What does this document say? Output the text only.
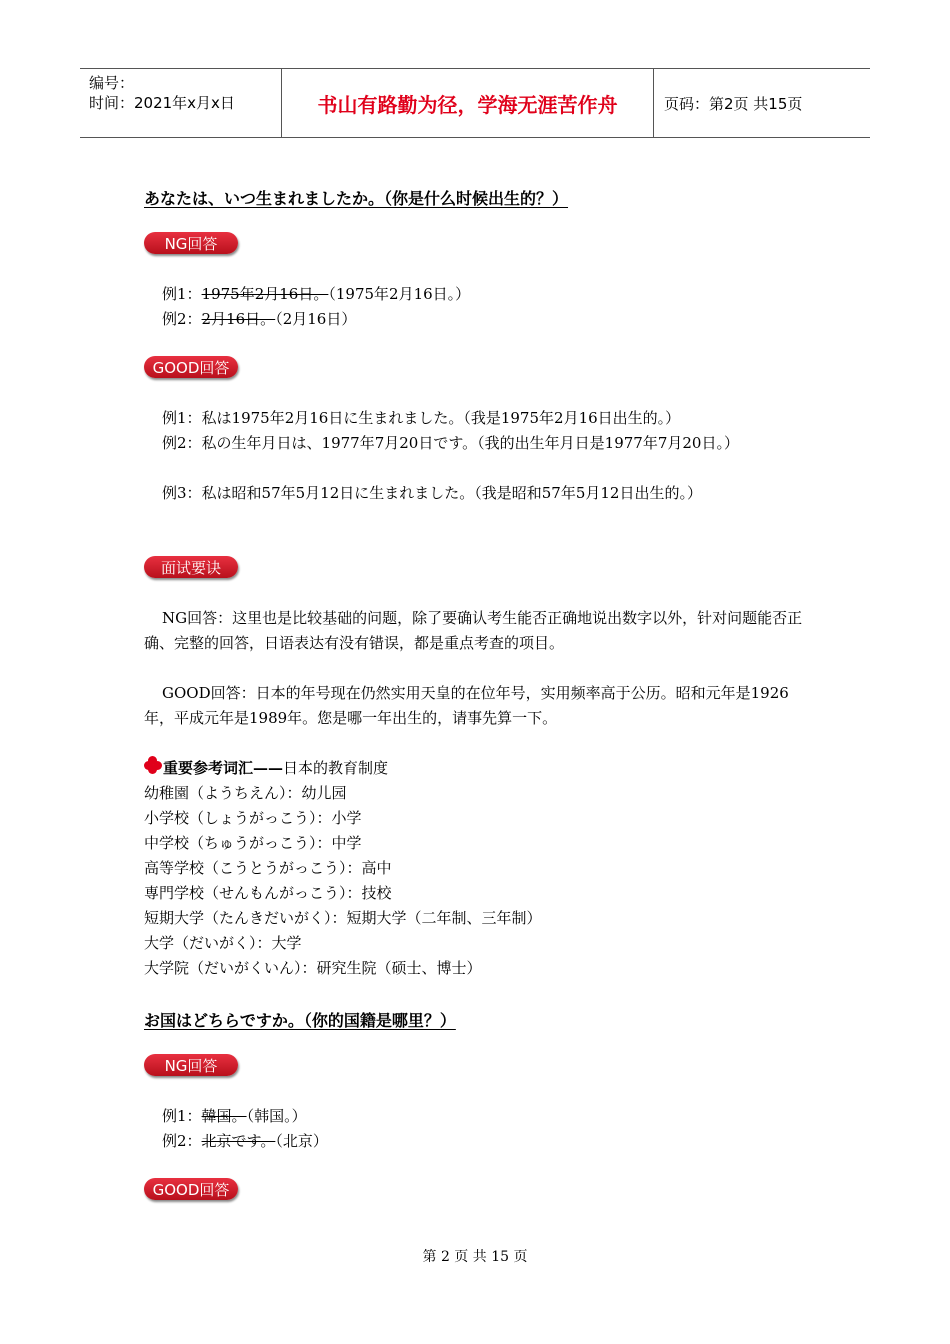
编号：
时间：2021年x月x日	书山有路勤为径，学海无涯苦作舟	页码：第2页 共15页
あなたは、いつ生まれましたか。（你是什么时候出生的？）
NG回答
例1：1975年2月16日。（1975年2月16日。）
例2：2月16日。（2月16日）
GOOD回答
例1：私は1975年2月16日に生まれました。（我是1975年2月16日出生的。）
例2：私の生年月日は、1977年7月20日です。（我的出生年月日是1977年7月20日。）
例3：私は昭和57年5月12日に生まれました。（我是昭和57年5月12日出生的。）
面试要诀
NG回答：这里也是比较基础的问题，除了要确认考生能否正确地说出数字以外，针对问题能否正确、完整的回答，日语表达有没有错误，都是重点考查的项目。
GOOD回答：日本的年号现在仍然实用天皇的在位年号，实用频率高于公历。昭和元年是1926年，平成元年是1989年。您是哪一年出生的，请事先算一下。
重要参考词汇——日本的教育制度
幼稚園（ようちえん）：幼儿园
小学校（しょうがっこう）：小学
中学校（ちゅうがっこう）：中学
高等学校（こうとうがっこう）：高中
専門学校（せんもんがっこう）：技校
短期大学（たんきだいがく）：短期大学（二年制、三年制）
大学（だいがく）：大学
大学院（だいがくいん）：研究生院（硕士、博士）
お国はどちらですか。（你的国籍是哪里？）
NG回答
例1：韓国。（韩国。）
例2：北京です。（北京）
GOOD回答
第 2 页 共 15 页
